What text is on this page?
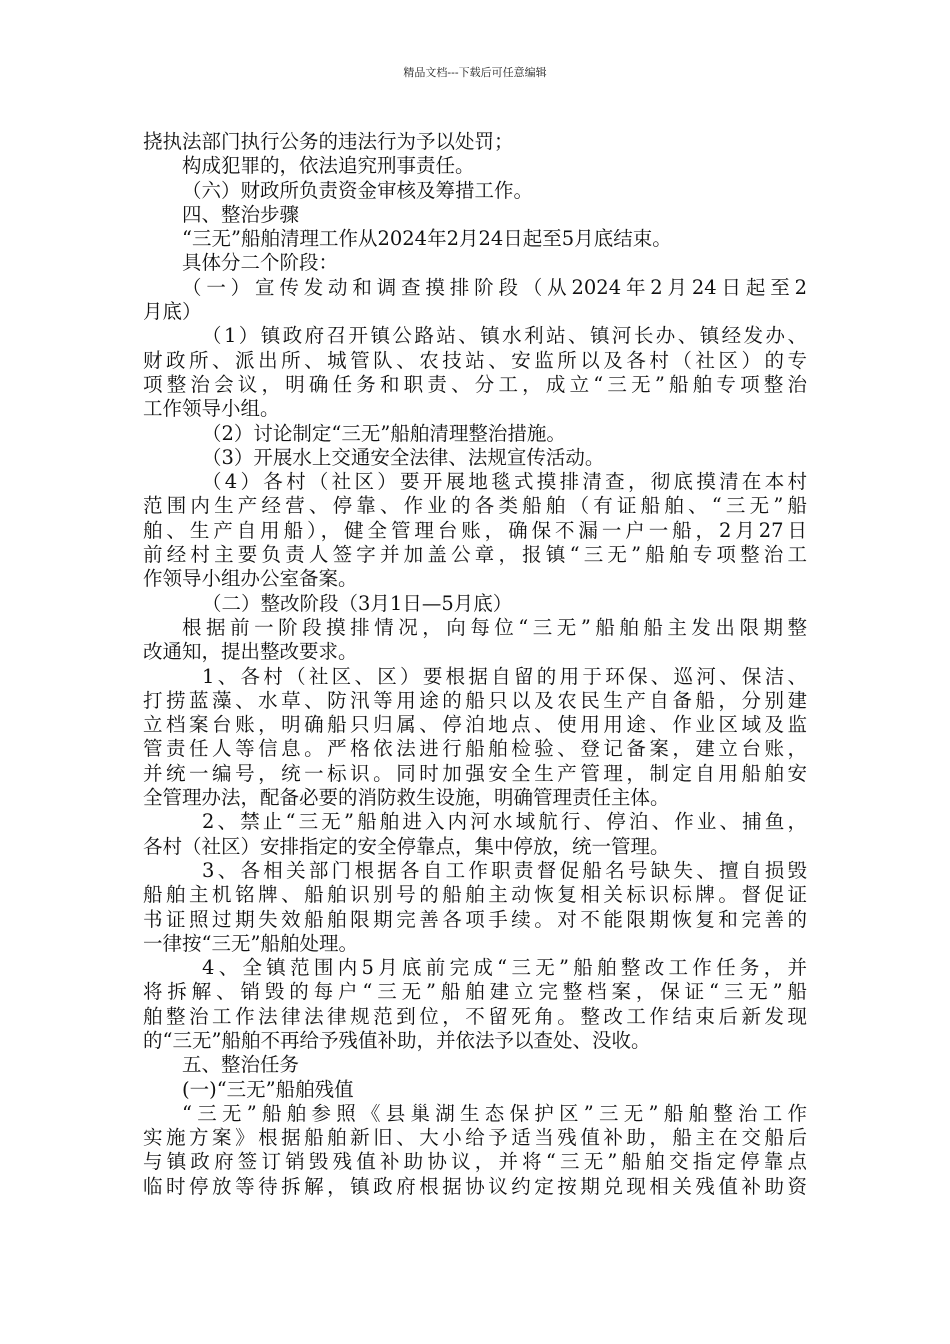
精品文档---下载后可任意编辑
挠执法部门执行公务的违法行为予以处罚；
构成犯罪的，依法追究刑事责任。
（六）财政所负责资金审核及筹措工作。
四、整治步骤
“三无”船舶清理工作从2024年2月24日起至5月底结束。
具体分二个阶段：
（一）宣传发动和调查摸排阶段（从2024年2月24日起至2
月底）
（1）镇政府召开镇公路站、镇水利站、镇河长办、镇经发办、
财政所、派出所、城管队、农技站、安监所以及各村（社区）的专
项整治会议，明确任务和职责、分工，成立“三无”船舶专项整治
工作领导小组。
（2）讨论制定“三无”船舶清理整治措施。
（3）开展水上交通安全法律、法规宣传活动。
（4）各村（社区）要开展地毯式摸排清查，彻底摸清在本村
范围内生产经营、停靠、作业的各类船舶（有证船舶、“三无”船
舶、生产自用船），健全管理台账，确保不漏一户一船，2月27日
前经村主要负责人签字并加盖公章，报镇“三无”船舶专项整治工
作领导小组办公室备案。
（二）整改阶段（3月1日—5月底）
根据前一阶段摸排情况，向每位“三无”船舶船主发出限期整
改通知，提出整改要求。
1、各村（社区、区）要根据自留的用于环保、巡河、保洁、
打捞蓝藻、水草、防汛等用途的船只以及农民生产自备船，分别建
立档案台账，明确船只归属、停泊地点、使用用途、作业区域及监
管责任人等信息。严格依法进行船舶检验、登记备案，建立台账，
并统一编号，统一标识。同时加强安全生产管理，制定自用船舶安
全管理办法，配备必要的消防救生设施，明确管理责任主体。
2、禁止“三无”船舶进入内河水域航行、停泊、作业、捕鱼，
各村（社区）安排指定的安全停靠点，集中停放，统一管理。
3、各相关部门根据各自工作职责督促船名号缺失、擅自损毁
船舶主机铭牌、船舶识别号的船舶主动恢复相关标识标牌。督促证
书证照过期失效船舶限期完善各项手续。对不能限期恢复和完善的
一律按“三无”船舶处理。
4、全镇范围内5月底前完成“三无”船舶整改工作任务，并
将拆解、销毁的每户“三无”船舶建立完整档案，保证“三无”船
舶整治工作法律法律规范到位，不留死角。整改工作结束后新发现
的“三无”船舶不再给予残值补助，并依法予以查处、没收。
五、整治任务
(一)“三无”船舶残值
“三无”船舶参照《县巢湖生态保护区”三无”船舶整治工作
实施方案》根据船舶新旧、大小给予适当残值补助，船主在交船后
与镇政府签订销毁残值补助协议，并将“三无”船舶交指定停靠点
临时停放等待拆解，镇政府根据协议约定按期兑现相关残值补助资
